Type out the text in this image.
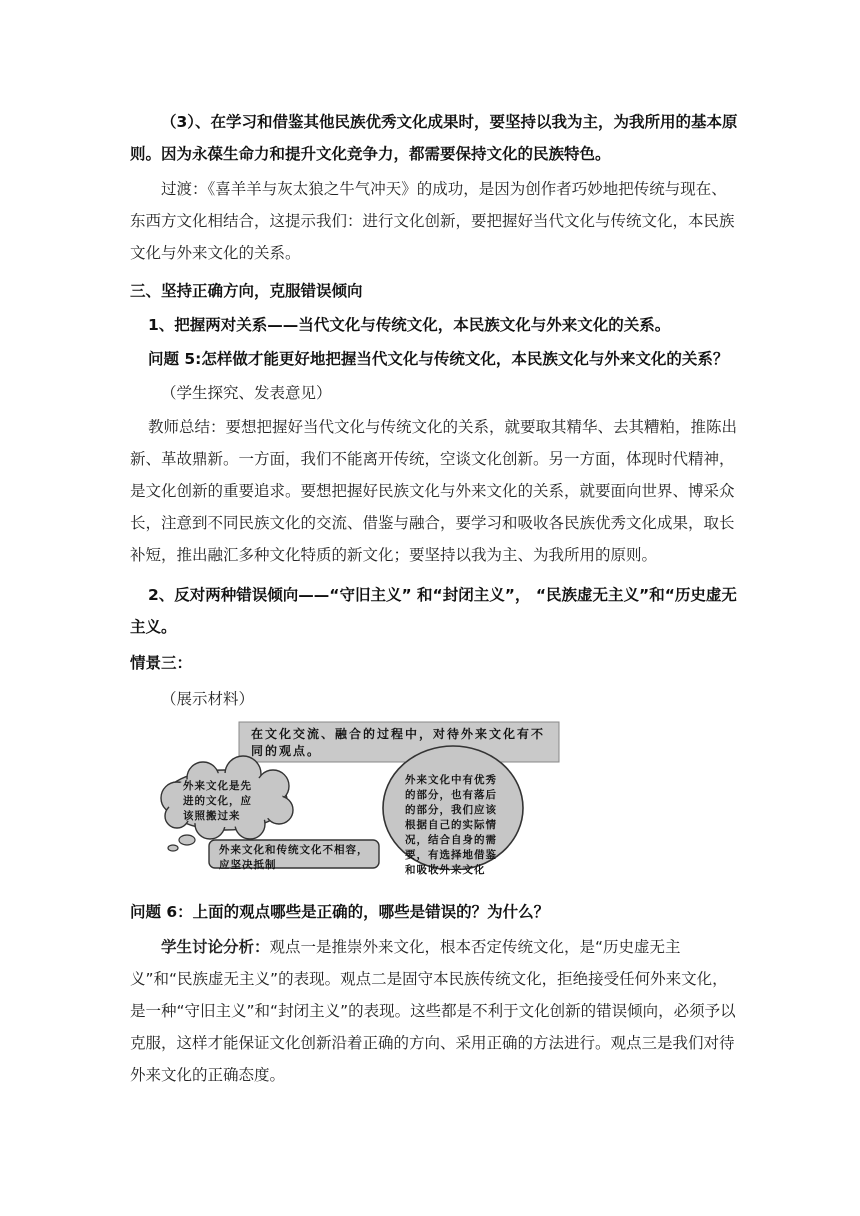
（3）、在学习和借鉴其他民族优秀文化成果时，要坚持以我为主，为我所用的基本原则。因为永葆生命力和提升文化竞争力，都需要保持文化的民族特色。

过渡：《喜羊羊与灰太狼之牛气冲天》的成功，是因为创作者巧妙地把传统与现在、东西方文化相结合，这提示我们：进行文化创新，要把握好当代文化与传统文化，本民族文化与外来文化的关系。

三、坚持正确方向，克服错误倾向

1、把握两对关系——当代文化与传统文化，本民族文化与外来文化的关系。

问题 5:怎样做才能更好地把握当代文化与传统文化，本民族文化与外来文化的关系？

（学生探究、发表意见）

教师总结：要想把握好当代文化与传统文化的关系，就要取其精华、去其糟粕，推陈出新、革故鼎新。一方面，我们不能离开传统，空谈文化创新。另一方面，体现时代精神，是文化创新的重要追求。要想把握好民族文化与外来文化的关系，就要面向世界、博采众长，注意到不同民族文化的交流、借鉴与融合，要学习和吸收各民族优秀文化成果，取长补短，推出融汇多种文化特质的新文化；要坚持以我为主、为我所用的原则。

2、反对两种错误倾向——“守旧主义” 和“封闭主义”， “民族虚无主义”和“历史虚无主义。

情景三：

（展示材料）

在文化交流、融合的过程中，对待外来文化有不同的观点。
外来文化是先进的文化，应该照搬过来
外来文化中有优秀的部分，也有落后的部分，我们应该根据自己的实际情况，结合自身的需要，有选择地借鉴和吸收外来文化
外来文化和传统文化不相容，应坚决抵制

问题 6：上面的观点哪些是正确的，哪些是错误的？为什么？

学生讨论分析：观点一是推崇外来文化，根本否定传统文化，是“历史虚无主义”和“民族虚无主义”的表现。观点二是固守本民族传统文化，拒绝接受任何外来文化，是一种“守旧主义”和“封闭主义”的表现。这些都是不利于文化创新的错误倾向，必须予以克服，这样才能保证文化创新沿着正确的方向、采用正确的方法进行。观点三是我们对待外来文化的正确态度。
